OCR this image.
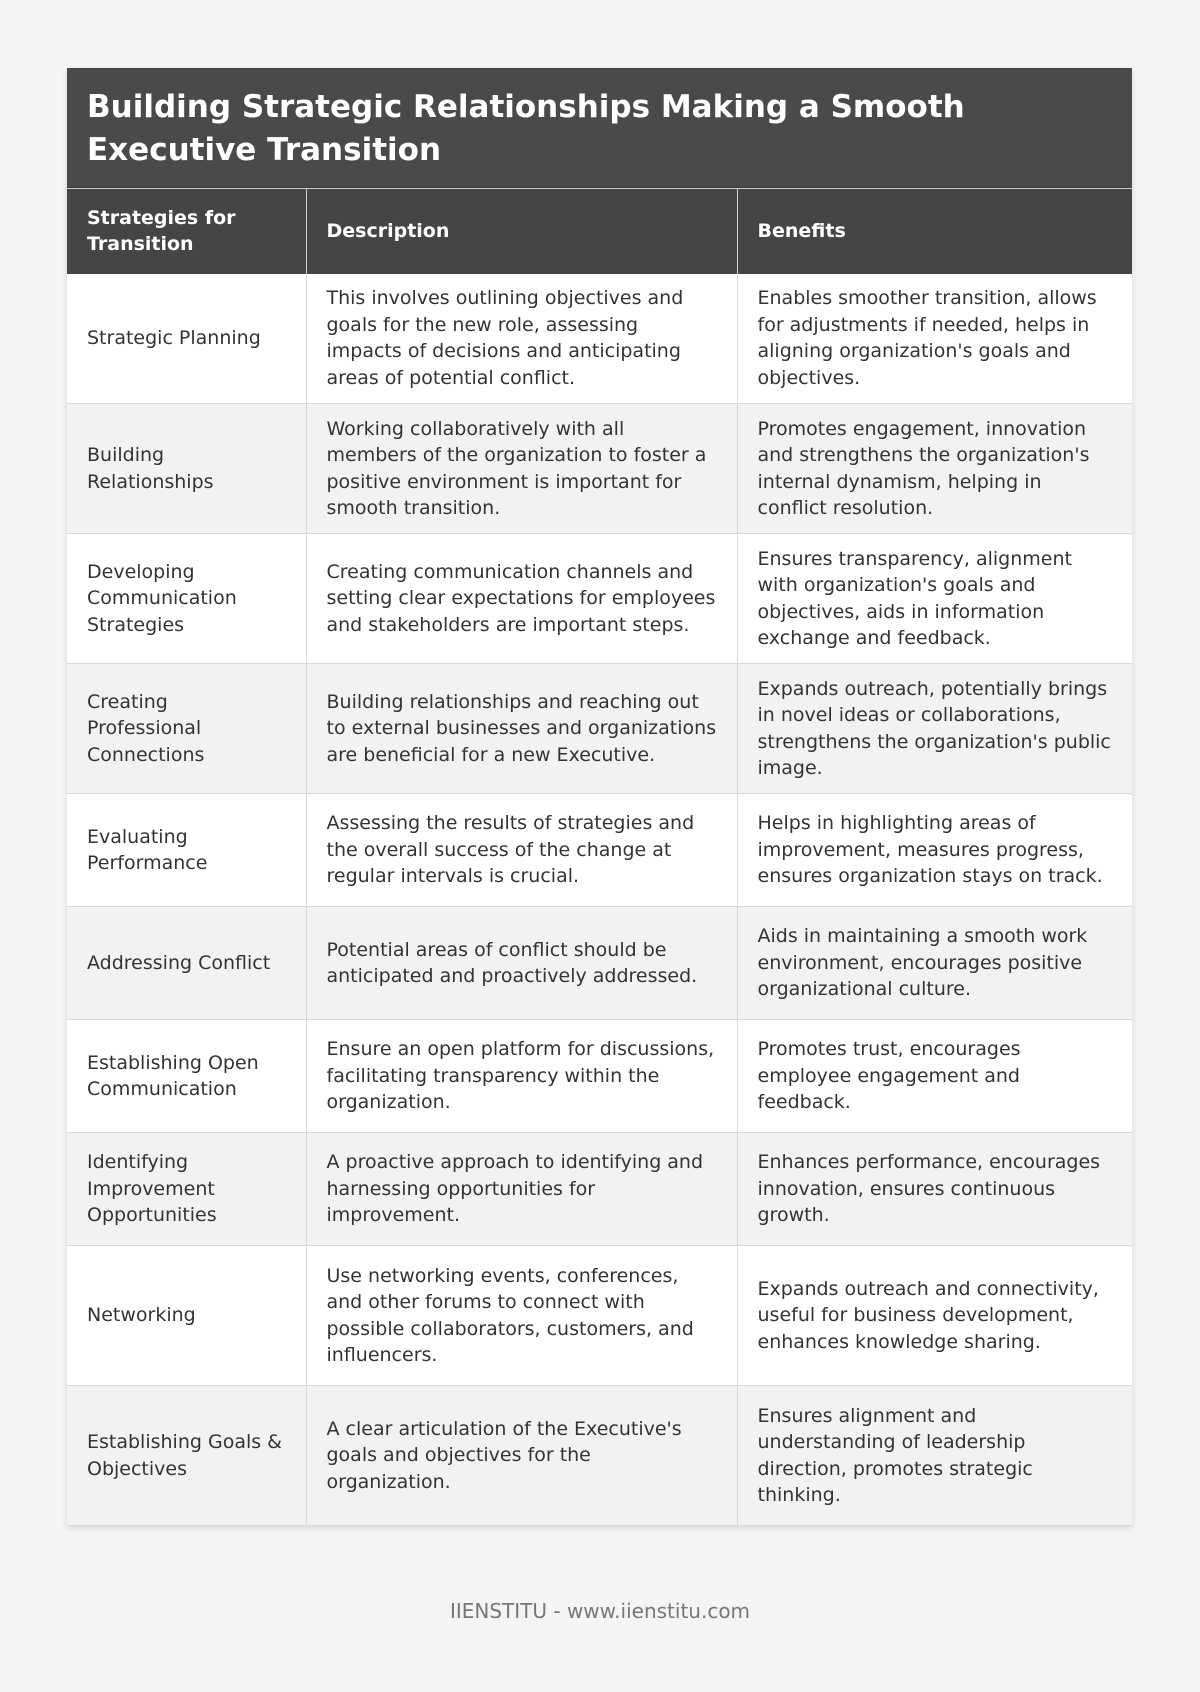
Building Strategic Relationships Making a Smooth Executive Transition
Strategies for Transition	Description	Benefits
Strategic Planning	This involves outlining objectives and goals for the new role, assessing impacts of decisions and anticipating areas of potential conflict.	Enables smoother transition, allows for adjustments if needed, helps in aligning organization's goals and objectives.
Building Relationships	Working collaboratively with all members of the organization to foster a positive environment is important for smooth transition.	Promotes engagement, innovation and strengthens the organization's internal dynamism, helping in conflict resolution.
Developing Communication Strategies	Creating communication channels and setting clear expectations for employees and stakeholders are important steps.	Ensures transparency, alignment with organization's goals and objectives, aids in information exchange and feedback.
Creating Professional Connections	Building relationships and reaching out to external businesses and organizations are beneficial for a new Executive.	Expands outreach, potentially brings in novel ideas or collaborations, strengthens the organization's public image.
Evaluating Performance	Assessing the results of strategies and the overall success of the change at regular intervals is crucial.	Helps in highlighting areas of improvement, measures progress, ensures organization stays on track.
Addressing Conflict	Potential areas of conflict should be anticipated and proactively addressed.	Aids in maintaining a smooth work environment, encourages positive organizational culture.
Establishing Open Communication	Ensure an open platform for discussions, facilitating transparency within the organization.	Promotes trust, encourages employee engagement and feedback.
Identifying Improvement Opportunities	A proactive approach to identifying and harnessing opportunities for improvement.	Enhances performance, encourages innovation, ensures continuous growth.
Networking	Use networking events, conferences, and other forums to connect with possible collaborators, customers, and influencers.	Expands outreach and connectivity, useful for business development, enhances knowledge sharing.
Establishing Goals & Objectives	A clear articulation of the Executive's goals and objectives for the organization.	Ensures alignment and understanding of leadership direction, promotes strategic thinking.
IIENSTITU - www.iienstitu.com
